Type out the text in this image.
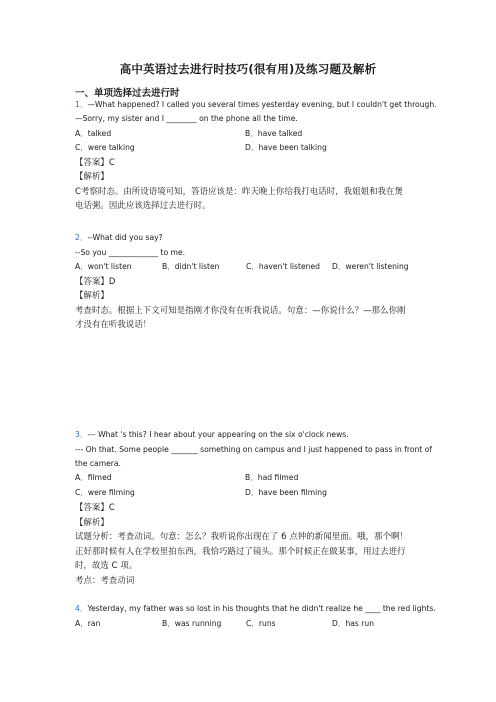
高中英语过去进行时技巧(很有用)及练习题及解析
一、单项选择过去进行时
1．—What happened? I called you several times yesterday evening, but I couldn't get through.
—Sorry, my sister and I ________ on the phone all the time.
A．talked	B．have talked
C．were talking	D．have been talking
【答案】C
【解析】
C考察时态。由所设语境可知，答语应该是：昨天晚上你给我打电话时，我姐姐和我在煲
电话粥。因此应该选择过去进行时。
2．--What did you say?
--So you _____________ to me.
A．won't listen	B．didn't listen	C．haven't listened D．weren't listening
【答案】D
【解析】
考查时态。根据上下文可知是指刚才你没有在听我说话。句意：—你说什么？—那么你刚
才没有在听我说话！
3．--- What 's this? I hear about your appearing on the six o'clock news.
--- Oh that. Some people _______ something on campus and I just happened to pass in front of
the camera.
A．filmed	B．had filmed
C．were filming	D．have been filming
【答案】C
【解析】
试题分析：考查动词。句意：怎么？我听说你出现在了 6 点钟的新闻里面。哦，那个啊！
正好那时候有人在学校里拍东西，我恰巧路过了镜头。那个时候正在做某事，用过去进行
时，故选 C 项。
考点：考查动词
4．Yesterday, my father was so lost in his thoughts that he didn't realize he ____ the red lights.
A．ran	B．was running	C．runs	D．has run
